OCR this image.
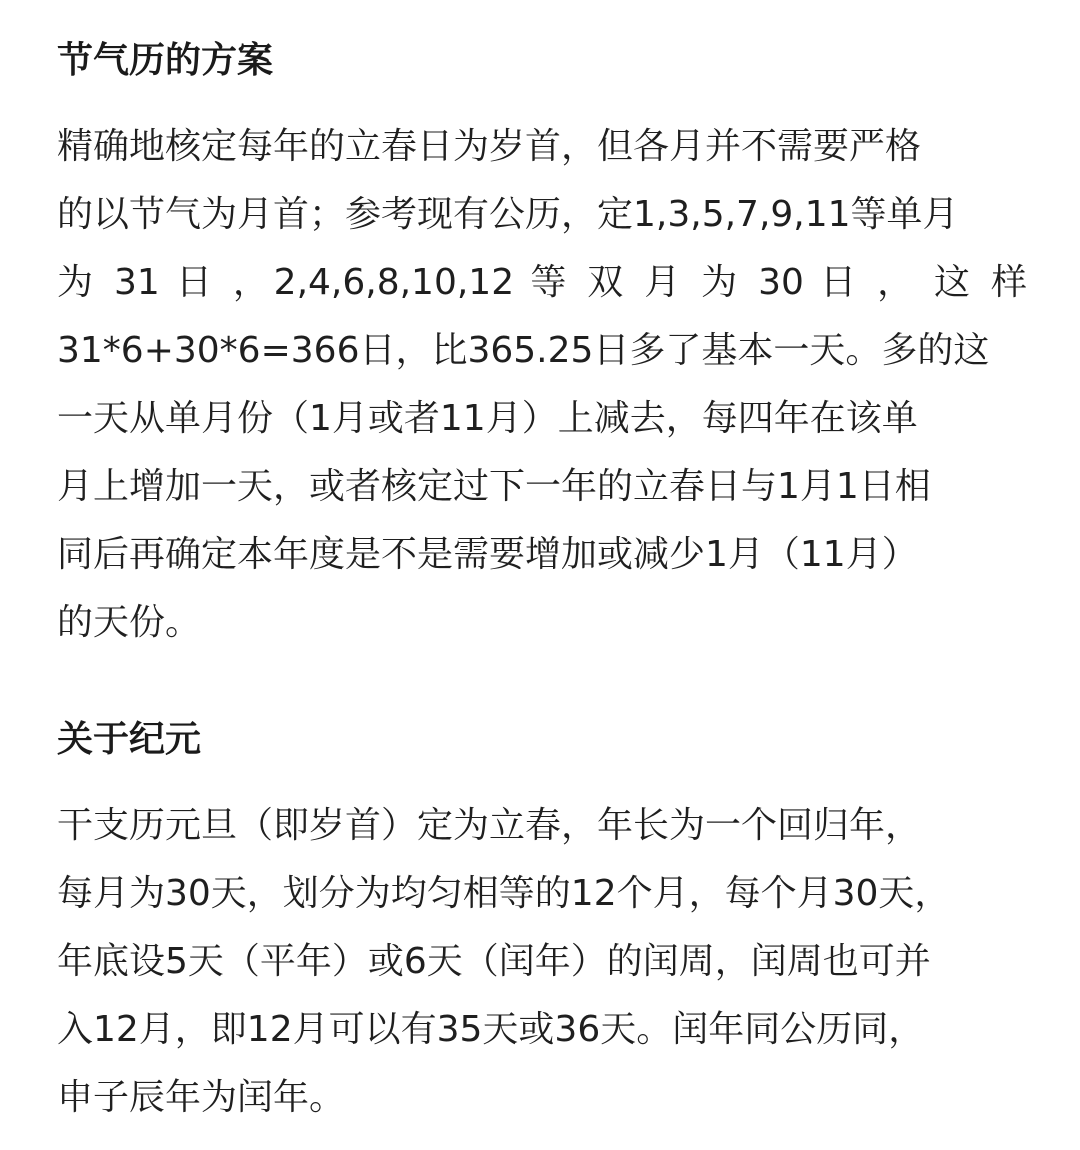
节气历的方案
精确地核定每年的立春日为岁首，但各月并不需要严格
的以节气为月首；参考现有公历，定1,3,5,7,9,11等单月
为 31 日 ，2,4,6,8,10,12 等 双 月 为 30 日 ， 这 样
31*6+30*6=366日，比365.25日多了基本一天。多的这
一天从单月份（1月或者11月）上减去，每四年在该单
月上增加一天，或者核定过下一年的立春日与1月1日相
同后再确定本年度是不是需要增加或减少1月（11月）
的天份。
关于纪元
干支历元旦（即岁首）定为立春，年长为一个回归年，
每月为30天，划分为均匀相等的12个月，每个月30天，
年底设5天（平年）或6天（闰年）的闰周，闰周也可并
入12月，即12月可以有35天或36天。闰年同公历同，
申子辰年为闰年。
